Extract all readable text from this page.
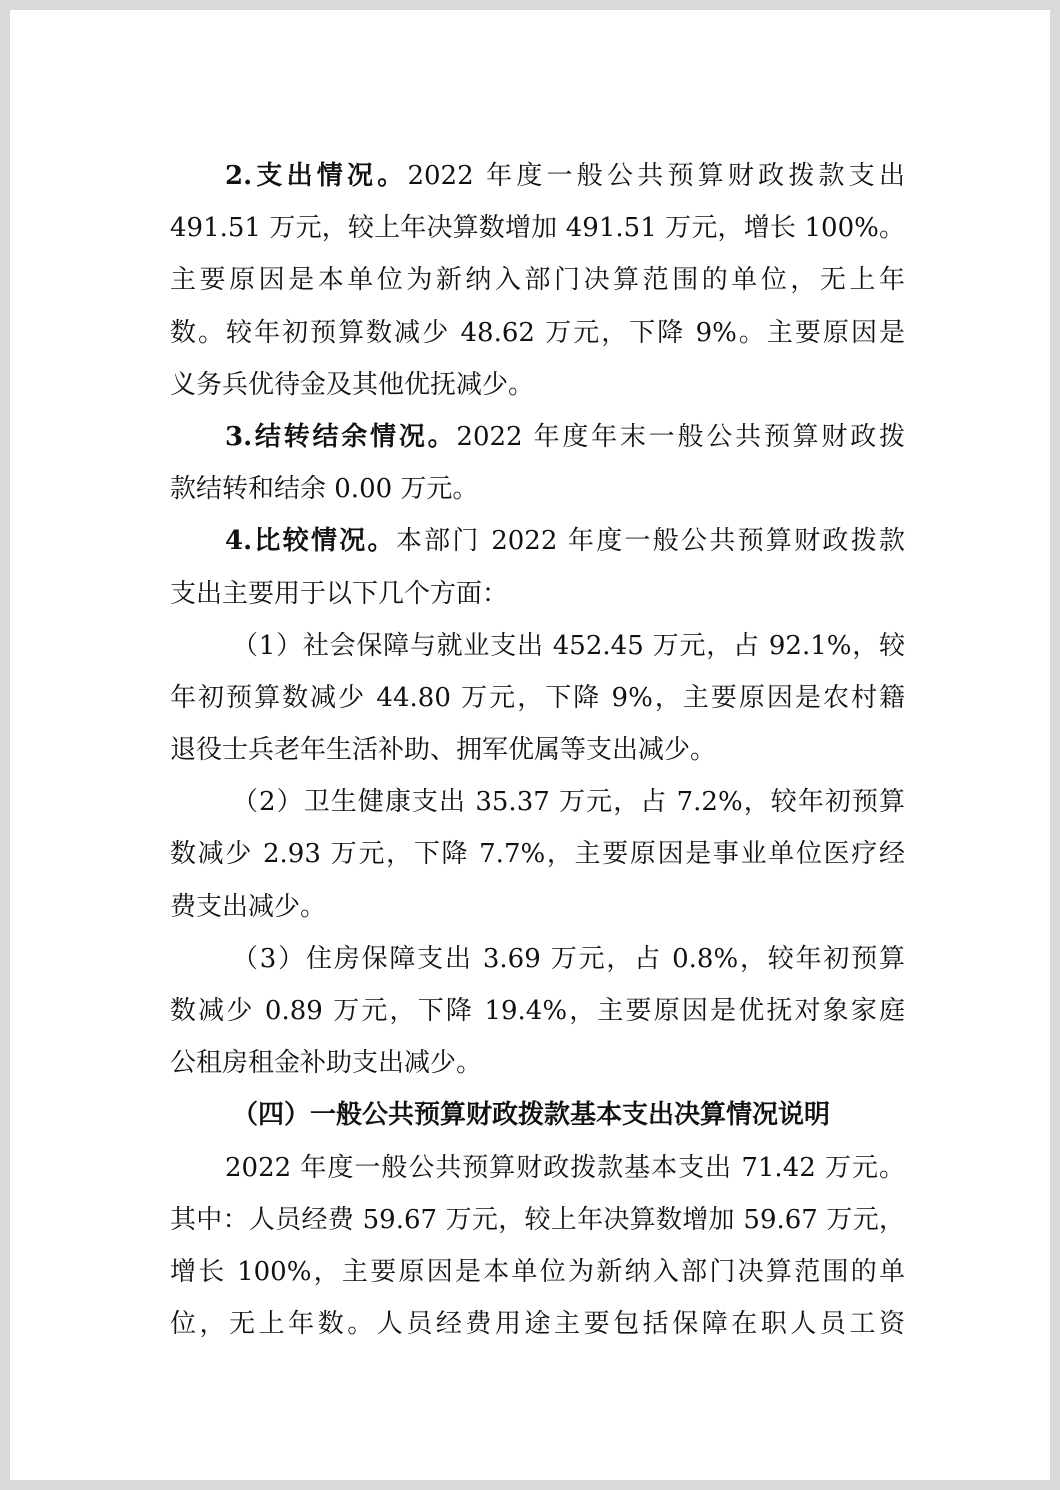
2.支出情况。2022 年度一般公共预算财政拨款支出
491.51 万元，较上年决算数增加 491.51 万元，增长 100%。
主要原因是本单位为新纳入部门决算范围的单位，无上年
数。较年初预算数减少 48.62 万元，下降 9%。主要原因是
义务兵优待金及其他优抚减少。
3.结转结余情况。2022 年度年末一般公共预算财政拨
款结转和结余 0.00 万元。
4.比较情况。本部门 2022 年度一般公共预算财政拨款
支出主要用于以下几个方面：
（1）社会保障与就业支出 452.45 万元，占 92.1%，较
年初预算数减少 44.80 万元，下降 9%，主要原因是农村籍
退役士兵老年生活补助、拥军优属等支出减少。
（2）卫生健康支出 35.37 万元，占 7.2%，较年初预算
数减少 2.93 万元，下降 7.7%，主要原因是事业单位医疗经
费支出减少。
（3）住房保障支出 3.69 万元，占 0.8%，较年初预算
数减少 0.89 万元，下降 19.4%，主要原因是优抚对象家庭
公租房租金补助支出减少。
（四）一般公共预算财政拨款基本支出决算情况说明
2022 年度一般公共预算财政拨款基本支出 71.42 万元。
其中：人员经费 59.67 万元，较上年决算数增加 59.67 万元，
增长 100%，主要原因是本单位为新纳入部门决算范围的单
位，无上年数。人员经费用途主要包括保障在职人员工资
